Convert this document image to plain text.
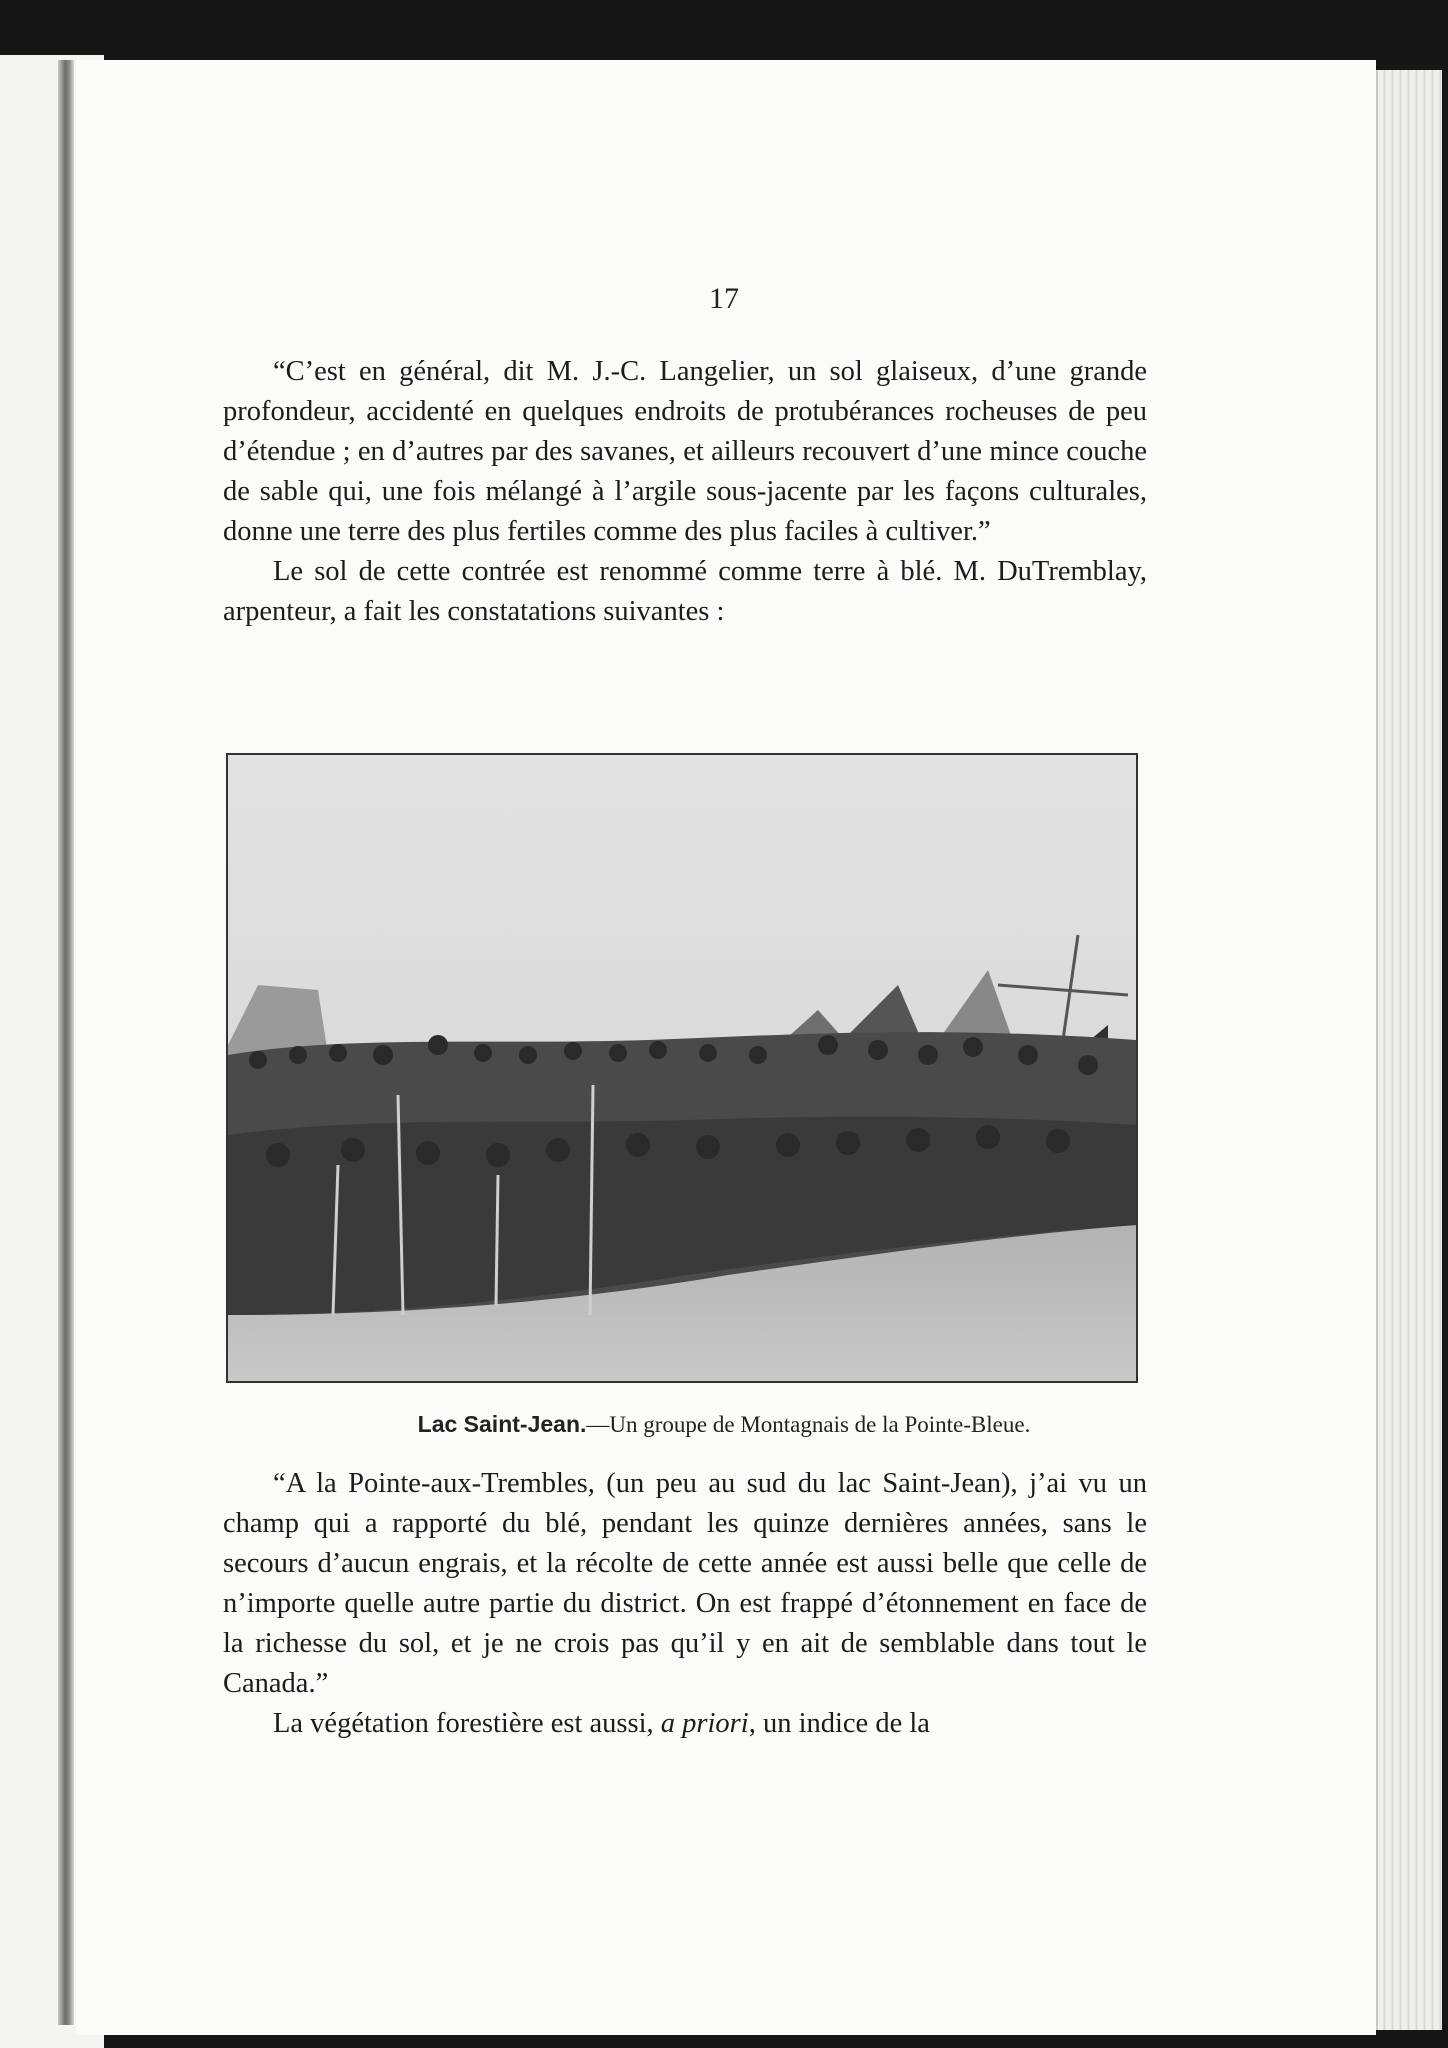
17

“C’est en général, dit M. J.-C. Langelier, un sol glaiseux, d’une grande profondeur, accidenté en quelques endroits de protubérances rocheuses de peu d’étendue ; en d’autres par des savanes, et ailleurs recouvert d’une mince couche de sable qui, une fois mélangé à l’argile sous-jacente par les façons culturales, donne une terre des plus fertiles comme des plus faciles à cultiver.”

Le sol de cette contrée est renommé comme terre à blé. M. DuTremblay, arpenteur, a fait les constatations suivantes :

Lac Saint-Jean.—Un groupe de Montagnais de la Pointe-Bleue.

“A la Pointe-aux-Trembles, (un peu au sud du lac Saint-Jean), j’ai vu un champ qui a rapporté du blé, pendant les quinze dernières années, sans le secours d’aucun engrais, et la récolte de cette année est aussi belle que celle de n’importe quelle autre partie du district. On est frappé d’étonnement en face de la richesse du sol, et je ne crois pas qu’il y en ait de semblable dans tout le Canada.”

La végétation forestière est aussi, a priori, un indice de la
